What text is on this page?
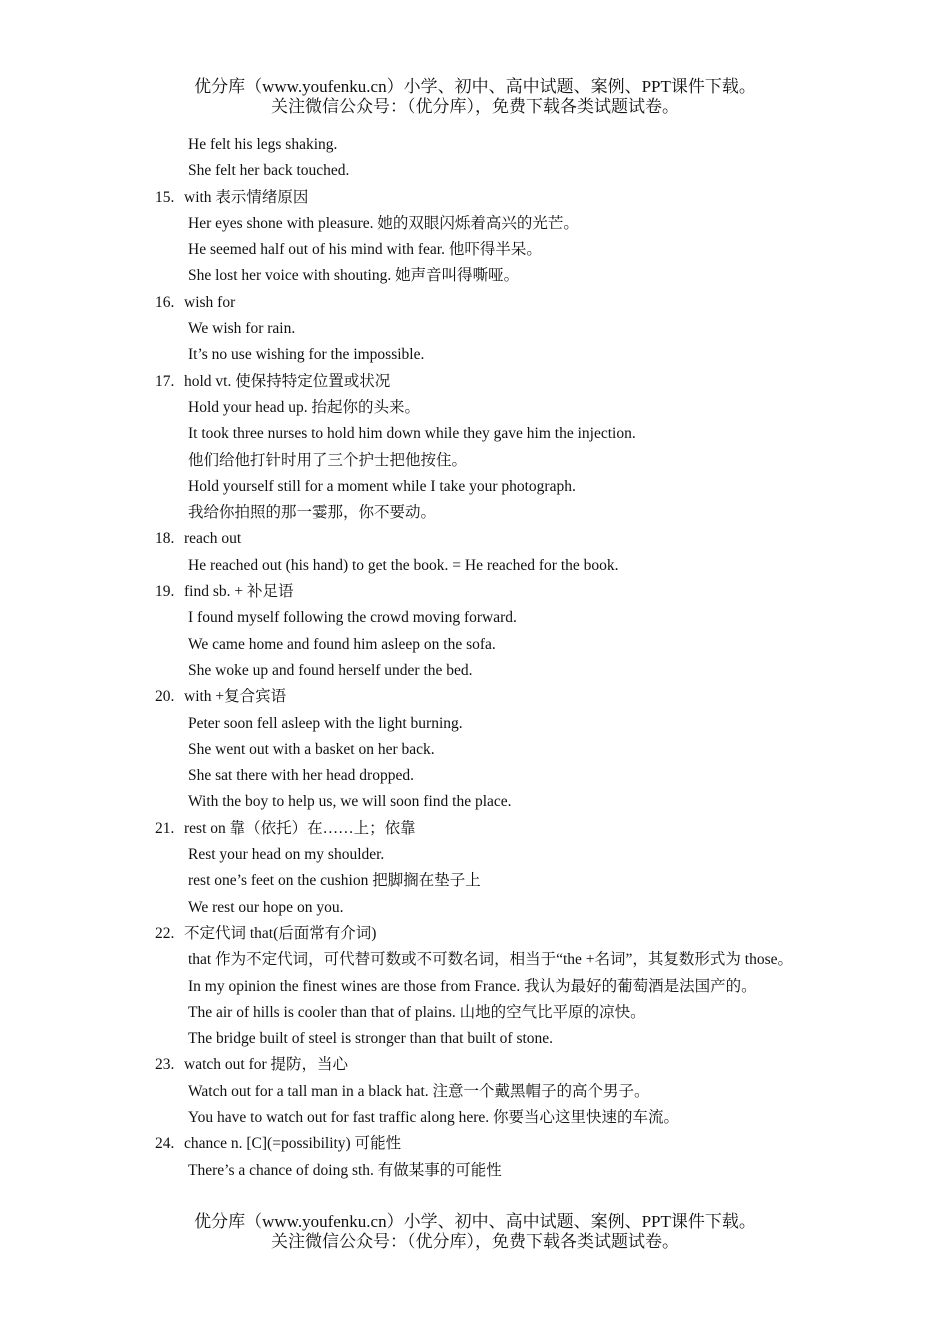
优分库（www.youfenku.cn）小学、初中、高中试题、案例、PPT课件下载。
关注微信公众号：（优分库），免费下载各类试题试卷。
He felt his legs shaking.
She felt her back touched.
15. with 表示情绪原因
Her eyes shone with pleasure. 她的双眼闪烁着高兴的光芒。
He seemed half out of his mind with fear. 他吓得半呆。
She lost her voice with shouting. 她声音叫得嘶哑。
16. wish for
We wish for rain.
It’s no use wishing for the impossible.
17. hold vt. 使保持特定位置或状况
Hold your head up. 抬起你的头来。
It took three nurses to hold him down while they gave him the injection.
他们给他打针时用了三个护士把他按住。
Hold yourself still for a moment while I take your photograph.
我给你拍照的那一霎那，你不要动。
18. reach out
He reached out (his hand) to get the book. = He reached for the book.
19. find sb. + 补足语
I found myself following the crowd moving forward.
We came home and found him asleep on the sofa.
She woke up and found herself under the bed.
20. with +复合宾语
Peter soon fell asleep with the light burning.
She went out with a basket on her back.
She sat there with her head dropped.
With the boy to help us, we will soon find the place.
21. rest on 靠（依托）在……上；依靠
Rest your head on my shoulder.
rest one’s feet on the cushion 把脚搁在垫子上
We rest our hope on you.
22. 不定代词 that(后面常有介词)
that 作为不定代词，可代替可数或不可数名词，相当于“the +名词”，其复数形式为 those。
In my opinion the finest wines are those from France. 我认为最好的葡萄酒是法国产的。
The air of hills is cooler than that of plains. 山地的空气比平原的凉快。
The bridge built of steel is stronger than that built of stone.
23. watch out for 提防，当心
Watch out for a tall man in a black hat. 注意一个戴黑帽子的高个男子。
You have to watch out for fast traffic along here. 你要当心这里快速的车流。
24. chance n. [C](=possibility) 可能性
There’s a chance of doing sth. 有做某事的可能性
优分库（www.youfenku.cn）小学、初中、高中试题、案例、PPT课件下载。
关注微信公众号：（优分库），免费下载各类试题试卷。
